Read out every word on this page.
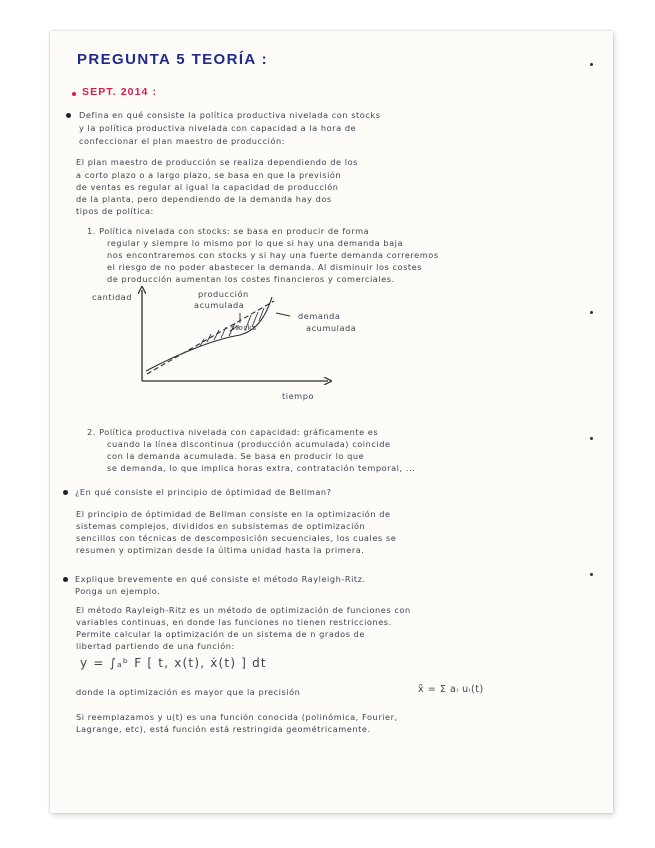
PREGUNTA 5 TEORÍA :
SEPT. 2014 :
Defina en qué consiste la política productiva nivelada con stocks
y la política productiva nivelada con capacidad a la hora de
confeccionar el plan maestro de producción:
El plan maestro de producción se realiza dependiendo de los
a corto plazo o a largo plazo, se basa en que la previsión
de ventas es regular al igual la capacidad de producción
de la planta, pero dependiendo de la demanda hay dos
tipos de política:
1. Política nivelada con stocks: se basa en producir de forma
regular y siempre lo mismo por lo que si hay una demanda baja
nos encontraremos con stocks y si hay una fuerte demanda correremos
el riesgo de no poder abastecer la demanda. Al disminuir los costes
de producción aumentan los costes financieros y comerciales.
cantidad	producción
acumulada
stocks
demanda
acumulada
tiempo
2. Política productiva nivelada con capacidad: gráficamente es
cuando la línea discontinua (producción acumulada) coincide
con la demanda acumulada. Se basa en producir lo que
se demanda, lo que implica horas extra, contratación temporal, ...
¿En qué consiste el principio de óptimidad de Bellman?
El principio de óptimidad de Bellman consiste en la optimización de
sistemas complejos, divididos en subsistemas de optimización
sencillos con técnicas de descomposición secuenciales, los cuales se
resumen y optimizan desde la última unidad hasta la primera.
Explique brevemente en qué consiste el método Rayleigh-Ritz.
Ponga un ejemplo.
El método Rayleigh-Ritz es un método de optimización de funciones con
variables continuas, en donde las funciones no tienen restricciones.
Permite calcular la optimización de un sistema de n grados de
libertad partiendo de una función:
y = ∫ₐᵇ F [ t, x(t), ẋ(t) ] dt
donde la optimización es mayor que la precisión	x̃ = Σ aᵢ uᵢ(t)
Si reemplazamos y u(t) es una función conocida (polinómica, Fourier,
Lagrange, etc), está función está restringida geométricamente.
